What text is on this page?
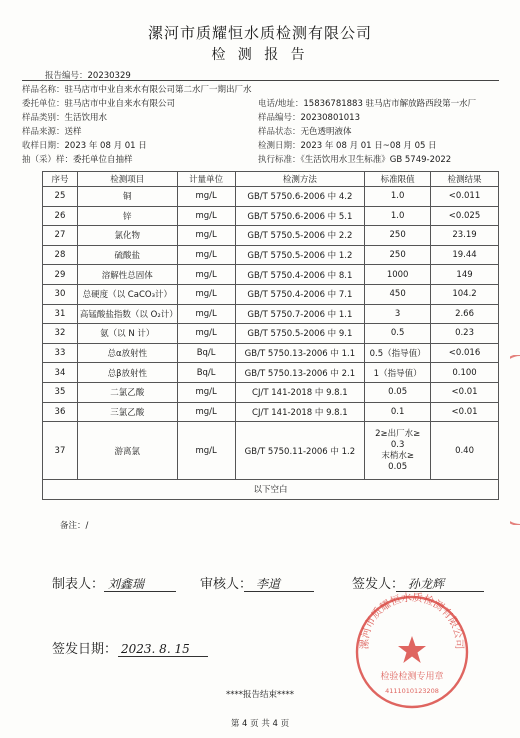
漯河市质耀恒水质检测有限公司
检 测 报 告
报告编号：20230329
样品名称：驻马店市中业自来水有限公司第二水厂一期出厂水
委托单位：驻马店市中业自来水有限公司	电话/地址：15836781883 驻马店市解放路西段第一水厂
样品类别：生活饮用水	样品编号：20230801013
样品来源：送样	样品状态：无色透明液体
收样日期：2023 年 08 月 01 日	检测日期：2023 年 08 月 01 日~08 月 05 日
抽（采）样：委托单位自抽样	执行标准：《生活饮用水卫生标准》GB 5749-2022
序号	检测项目	计量单位	检测方法	标准限值	检测结果
25	铜	mg/L	GB/T 5750.6-2006 中 4.2	1.0	<0.011
26	锌	mg/L	GB/T 5750.6-2006 中 5.1	1.0	<0.025
27	氯化物	mg/L	GB/T 5750.5-2006 中 2.2	250	23.19
28	硫酸盐	mg/L	GB/T 5750.5-2006 中 1.2	250	19.44
29	溶解性总固体	mg/L	GB/T 5750.4-2006 中 8.1	1000	149
30	总硬度（以 CaCO₃计）	mg/L	GB/T 5750.4-2006 中 7.1	450	104.2
31	高锰酸盐指数（以 O₂计）	mg/L	GB/T 5750.7-2006 中 1.1	3	2.66
32	氨（以 N 计）	mg/L	GB/T 5750.5-2006 中 9.1	0.5	0.23
33	总α放射性	Bq/L	GB/T 5750.13-2006 中 1.1	0.5（指导值）	<0.016
34	总β放射性	Bq/L	GB/T 5750.13-2006 中 2.1	1（指导值）	0.100
35	二氯乙酸	mg/L	CJ/T 141-2018 中 9.8.1	0.05	<0.01
36	三氯乙酸	mg/L	CJ/T 141-2018 中 9.8.1	0.1	<0.01
37	游离氯	mg/L	GB/T 5750.11-2006 中 1.2	2≥出厂水≥
0.3
末梢水≥
0.05	0.40
以下空白					
备注：/
制表人： 刘鑫瑞	审核人： 李道	签发人： 孙龙辉
签发日期： 2023. 8. 15	漯河市质耀恒水质检测有限公司
检验检测专用章
4111010123208
****报告结束****
第 4 页 共 4 页
